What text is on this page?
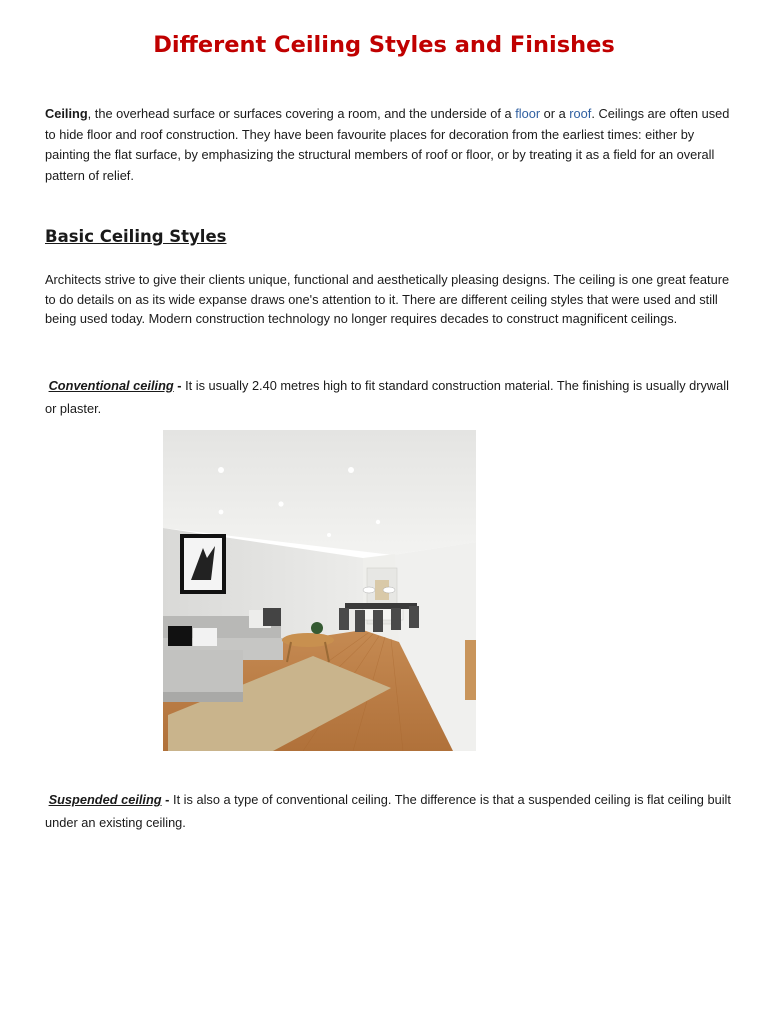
Different Ceiling Styles and Finishes

Ceiling, the overhead surface or surfaces covering a room, and the underside of a floor or a roof. Ceilings are often used to hide floor and roof construction. They have been favourite places for decoration from the earliest times: either by painting the flat surface, by emphasizing the structural members of roof or floor, or by treating it as a field for an overall pattern of relief.

Basic Ceiling Styles

Architects strive to give their clients unique, functional and aesthetically pleasing designs. The ceiling is one great feature to do details on as its wide expanse draws one's attention to it. There are different ceiling styles that were used and still being used today. Modern construction technology no longer requires decades to construct magnificent ceilings.

Conventional ceiling - It is usually 2.40 metres high to fit standard construction material. The finishing is usually drywall or plaster.

Suspended ceiling - It is also a type of conventional ceiling. The difference is that a suspended ceiling is flat ceiling built under an existing ceiling.
